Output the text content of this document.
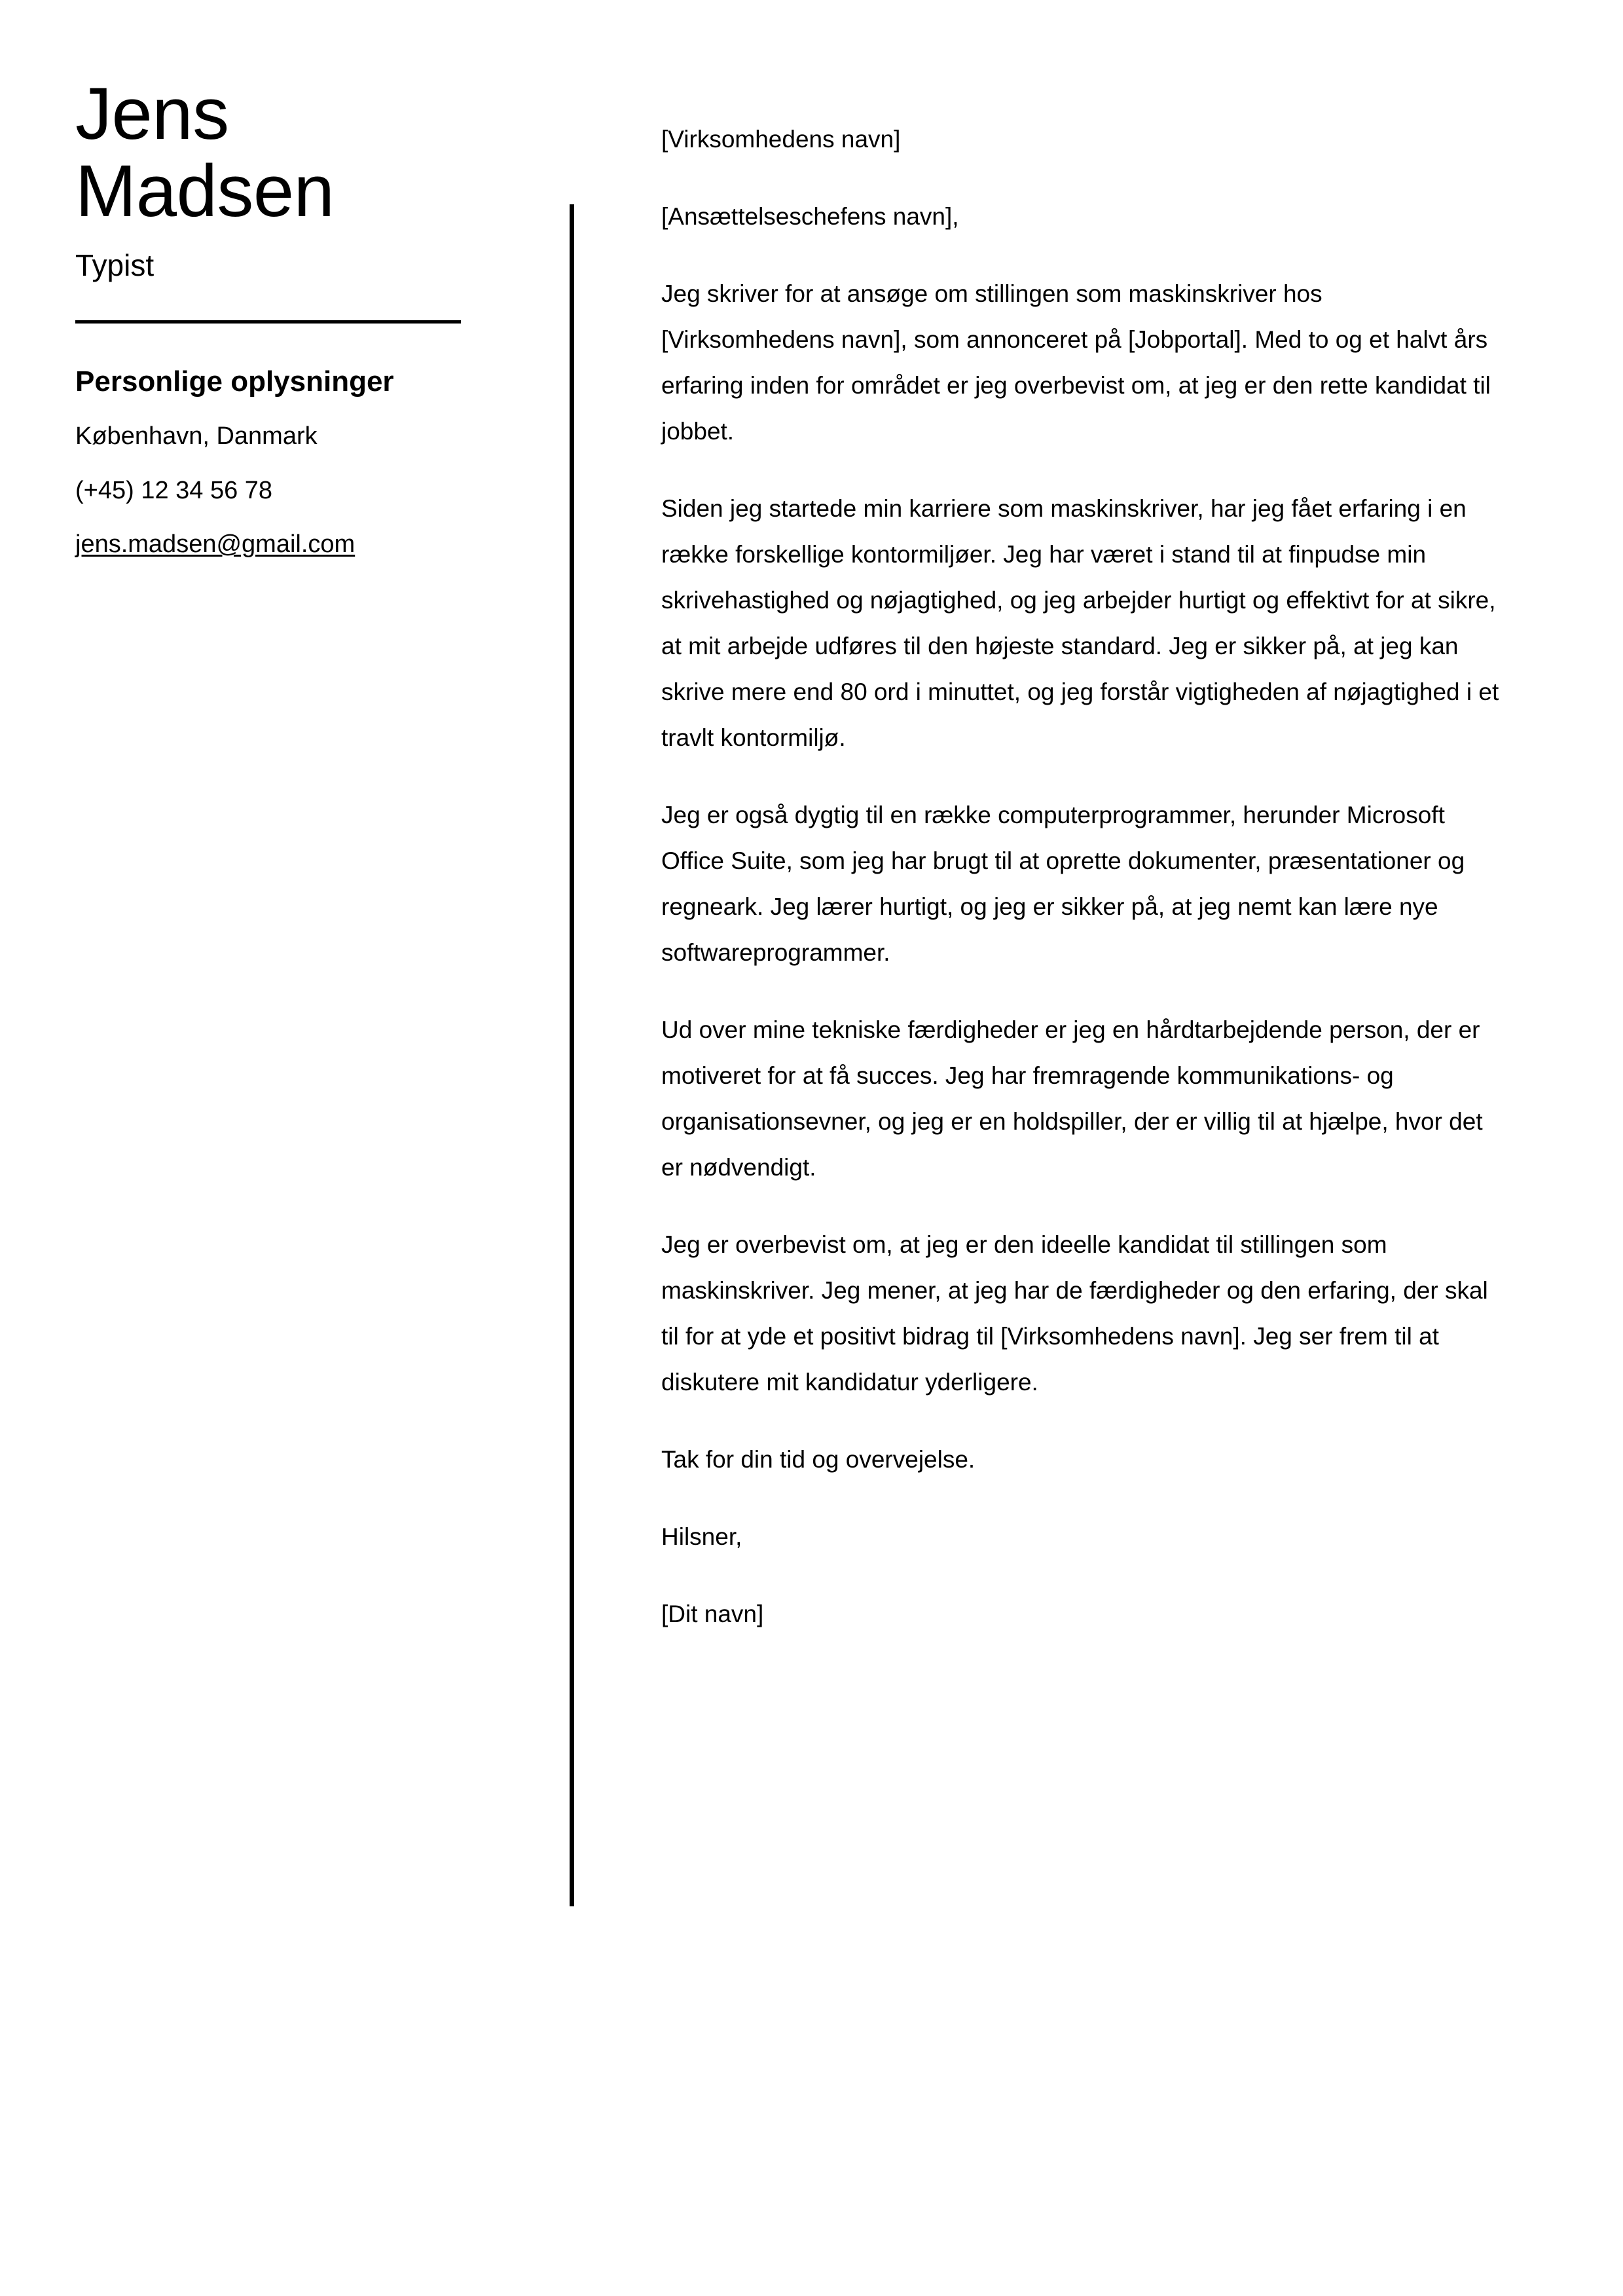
Jens
Madsen
Typist
Personlige oplysninger
København, Danmark
(+45) 12 34 56 78
jens.madsen@gmail.com

[Virksomhedens navn]

[Ansættelseschefens navn],

Jeg skriver for at ansøge om stillingen som maskinskriver hos [Virksomhedens navn], som annonceret på [Jobportal]. Med to og et halvt års erfaring inden for området er jeg overbevist om, at jeg er den rette kandidat til jobbet.

Siden jeg startede min karriere som maskinskriver, har jeg fået erfaring i en række forskellige kontormiljøer. Jeg har været i stand til at finpudse min skrivehastighed og nøjagtighed, og jeg arbejder hurtigt og effektivt for at sikre, at mit arbejde udføres til den højeste standard. Jeg er sikker på, at jeg kan skrive mere end 80 ord i minuttet, og jeg forstår vigtigheden af nøjagtighed i et travlt kontormiljø.

Jeg er også dygtig til en række computerprogrammer, herunder Microsoft Office Suite, som jeg har brugt til at oprette dokumenter, præsentationer og regneark. Jeg lærer hurtigt, og jeg er sikker på, at jeg nemt kan lære nye softwareprogrammer.

Ud over mine tekniske færdigheder er jeg en hårdtarbejdende person, der er motiveret for at få succes. Jeg har fremragende kommunikations- og organisationsevner, og jeg er en holdspiller, der er villig til at hjælpe, hvor det er nødvendigt.

Jeg er overbevist om, at jeg er den ideelle kandidat til stillingen som maskinskriver. Jeg mener, at jeg har de færdigheder og den erfaring, der skal til for at yde et positivt bidrag til [Virksomhedens navn]. Jeg ser frem til at diskutere mit kandidatur yderligere.

Tak for din tid og overvejelse.

Hilsner,

[Dit navn]
